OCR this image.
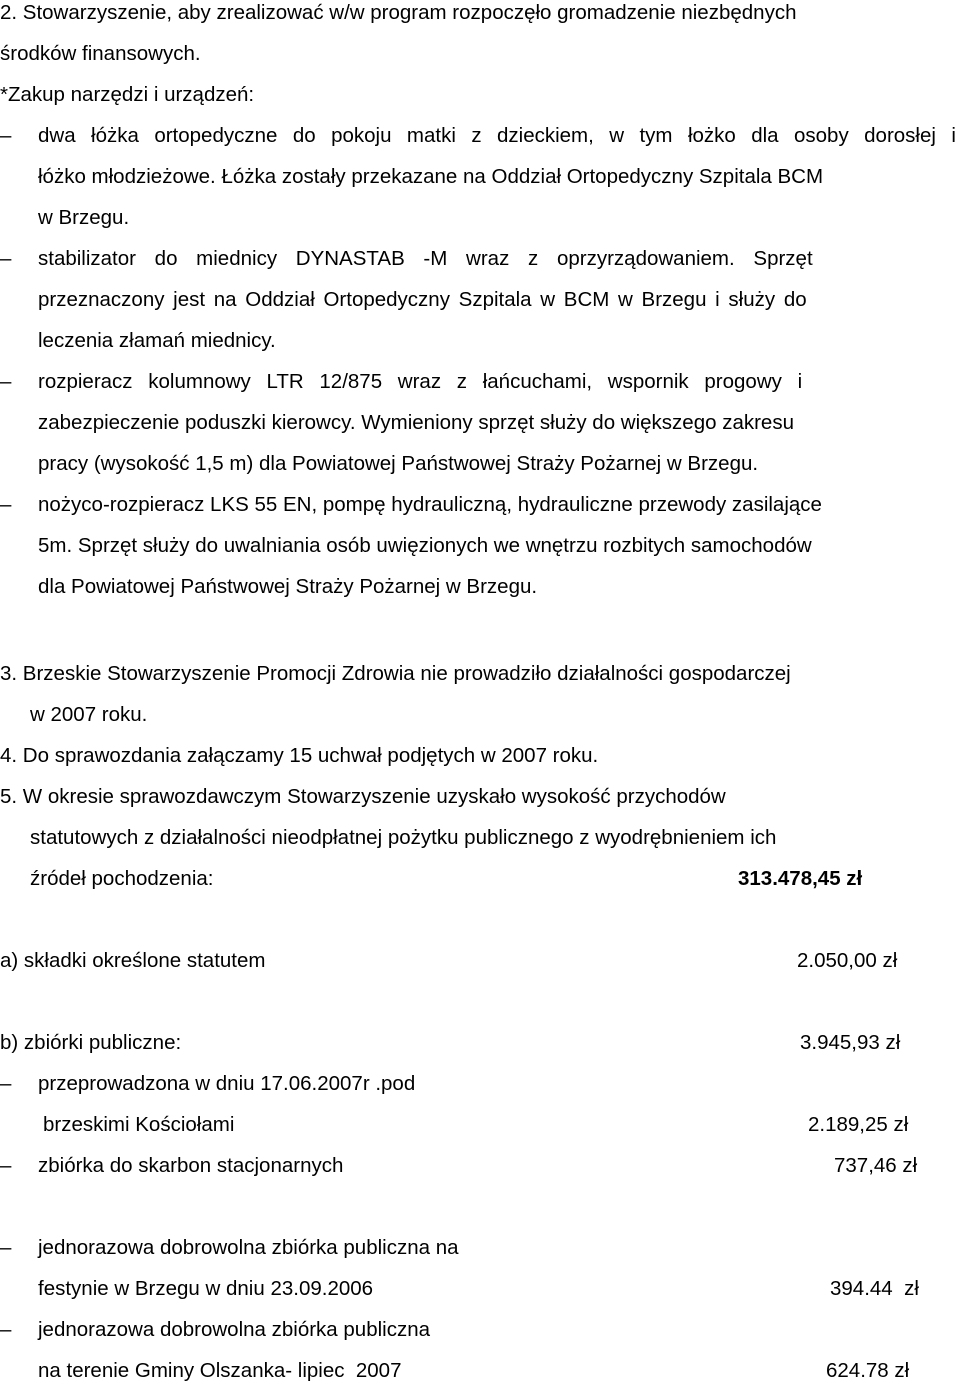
2. Stowarzyszenie, aby zrealizować w/w program rozpoczęło gromadzenie niezbędnych
środków finansowych.
*Zakup narzędzi i urządzeń:
– dwa łóżka ortopedyczne do pokoju matki z dzieckiem, w tym łożko dla osoby dorosłej i
łóżko młodzieżowe. Łóżka zostały przekazane na Oddział Ortopedyczny Szpitala BCM
w Brzegu.
– stabilizator do miednicy DYNASTAB -M wraz z oprzyrządowaniem. Sprzęt
przeznaczony jest na Oddział Ortopedyczny Szpitala w BCM w Brzegu i służy do
leczenia złamań miednicy.
– rozpieracz kolumnowy LTR 12/875 wraz z łańcuchami, wspornik progowy i
zabezpieczenie poduszki kierowcy. Wymieniony sprzęt służy do większego zakresu
pracy (wysokość 1,5 m) dla Powiatowej Państwowej Straży Pożarnej w Brzegu.
– nożyco-rozpieracz LKS 55 EN, pompę hydrauliczną, hydrauliczne przewody zasilające
5m. Sprzęt służy do uwalniania osób uwięzionych we wnętrzu rozbitych samochodów
dla Powiatowej Państwowej Straży Pożarnej w Brzegu.
3. Brzeskie Stowarzyszenie Promocji Zdrowia nie prowadziło działalności gospodarczej
w 2007 roku.
4. Do sprawozdania załączamy 15 uchwał podjętych w 2007 roku.
5. W okresie sprawozdawczym Stowarzyszenie uzyskało wysokość przychodów
statutowych z działalności nieodpłatnej pożytku publicznego z wyodrębnieniem ich
źródeł pochodzenia:	313.478,45 zł
a) składki określone statutem	2.050,00 zł
b) zbiórki publiczne:	3.945,93 zł
– przeprowadzona w dniu 17.06.2007r .pod
brzeskimi Kościołami	2.189,25 zł
– zbiórka do skarbon stacjonarnych	737,46 zł
– jednorazowa dobrowolna zbiórka publiczna na
festynie w Brzegu w dniu 23.09.2006	394.44  zł
– jednorazowa dobrowolna zbiórka publiczna
na terenie Gminy Olszanka- lipiec  2007	624.78 zł
